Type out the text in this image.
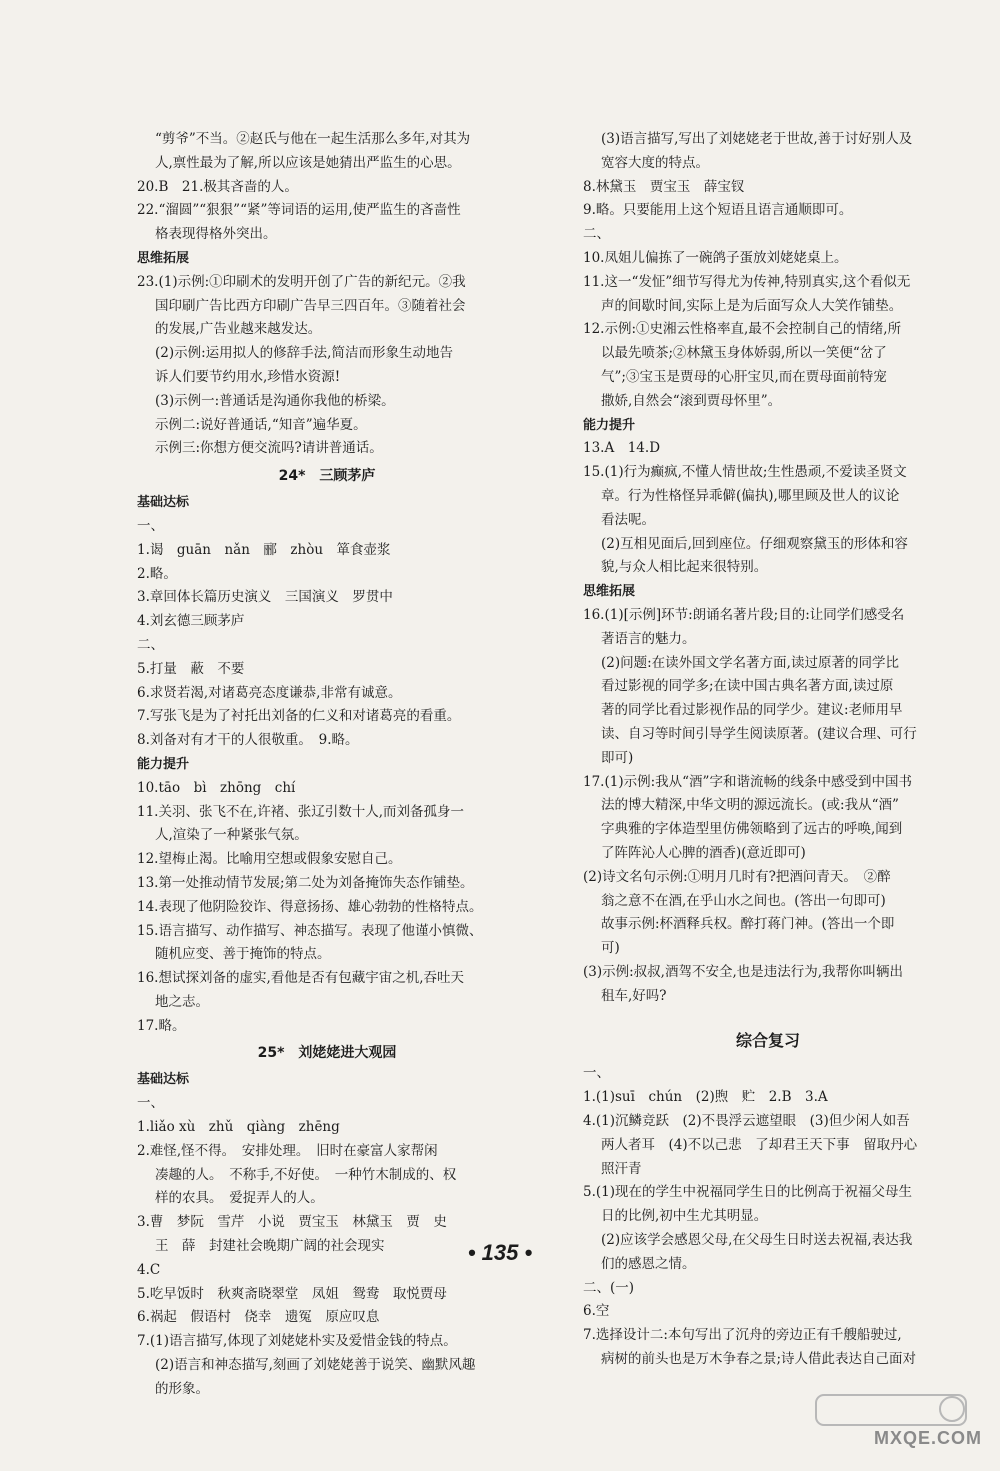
“剪爷”不当。②赵氏与他在一起生活那么多年,对其为
人,禀性最为了解,所以应该是她猜出严监生的心思。
20.B　21.极其吝啬的人。
22.“溜圆”“狠狠”“紧”等词语的运用,使严监生的吝啬性
格表现得格外突出。
思维拓展
23.(1)示例:①印刷术的发明开创了广告的新纪元。②我
国印刷广告比西方印刷广告早三四百年。③随着社会
的发展,广告业越来越发达。
(2)示例:运用拟人的修辞手法,简洁而形象生动地告
诉人们要节约用水,珍惜水资源!
(3)示例一:普通话是沟通你我他的桥梁。
示例二:说好普通话,“知音”遍华夏。
示例三:你想方便交流吗?请讲普通话。
24*　三顾茅庐
基础达标
一、
1.谒　guān　nǎn　郦　zhòu　箪食壶浆
2.略。
3.章回体长篇历史演义　三国演义　罗贯中
4.刘玄德三顾茅庐
二、
5.打量　蔽　不要
6.求贤若渴,对诸葛亮态度谦恭,非常有诚意。
7.写张飞是为了衬托出刘备的仁义和对诸葛亮的看重。
8.刘备对有才干的人很敬重。　9.略。
能力提升
10.tāo　bì　zhōng　chí
11.关羽、张飞不在,许褚、张辽引数十人,而刘备孤身一
人,渲染了一种紧张气氛。
12.望梅止渴。比喻用空想或假象安慰自己。
13.第一处推动情节发展;第二处为刘备掩饰失态作铺垫。
14.表现了他阴险狡诈、得意扬扬、雄心勃勃的性格特点。
15.语言描写、动作描写、神态描写。表现了他谨小慎微、
随机应变、善于掩饰的特点。
16.想试探刘备的虚实,看他是否有包藏宇宙之机,吞吐天
地之志。
17.略。
25*　刘姥姥进大观园
基础达标
一、
1.liǎo xù　zhǔ　qiàng　zhēng
2.难怪,怪不得。　安排处理。　旧时在豪富人家帮闲
凑趣的人。　不称手,不好使。　一种竹木制成的、权
样的农具。　爱捉弄人的人。
3.曹　梦阮　雪芹　小说　贾宝玉　林黛玉　贾　史
王　薛　封建社会晚期广阔的社会现实
4.C
5.吃早饭时　秋爽斋晓翠堂　凤姐　鸳鸯　取悦贾母
6.祸起　假语村　侥幸　遗冤　原应叹息
7.(1)语言描写,体现了刘姥姥朴实及爱惜金钱的特点。
(2)语言和神态描写,刻画了刘姥姥善于说笑、幽默风趣
的形象。
(3)语言描写,写出了刘姥姥老于世故,善于讨好别人及
宽容大度的特点。
8.林黛玉　贾宝玉　薛宝钗
9.略。只要能用上这个短语且语言通顺即可。
二、
10.凤姐儿偏拣了一碗鸽子蛋放刘姥姥桌上。
11.这一“发怔”细节写得尤为传神,特别真实,这个看似无
声的间歇时间,实际上是为后面写众人大笑作铺垫。
12.示例:①史湘云性格率直,最不会控制自己的情绪,所
以最先喷茶;②林黛玉身体娇弱,所以一笑便“岔了
气”;③宝玉是贾母的心肝宝贝,而在贾母面前特宠
撒娇,自然会“滚到贾母怀里”。
能力提升
13.A　14.D
15.(1)行为癫疯,不懂人情世故;生性愚顽,不爱读圣贤文
章。行为性格怪异乖僻(偏执),哪里顾及世人的议论
看法呢。
(2)互相见面后,回到座位。仔细观察黛玉的形体和容
貌,与众人相比起来很特别。
思维拓展
16.(1)[示例]环节:朗诵名著片段;目的:让同学们感受名
著语言的魅力。
(2)问题:在读外国文学名著方面,读过原著的同学比
看过影视的同学多;在读中国古典名著方面,读过原
著的同学比看过影视作品的同学少。建议:老师用早
读、自习等时间引导学生阅读原著。(建议合理、可行
即可)
17.(1)示例:我从“酒”字和谐流畅的线条中感受到中国书
法的博大精深,中华文明的源远流长。(或:我从“酒”
字典雅的字体造型里仿佛领略到了远古的呼唤,闻到
了阵阵沁人心脾的酒香)(意近即可)
(2)诗文名句示例:①明月几时有?把酒问青天。　②醉
翁之意不在酒,在乎山水之间也。(答出一句即可)
故事示例:杯酒释兵权。醉打蒋门神。(答出一个即
可)
(3)示例:叔叔,酒驾不安全,也是违法行为,我帮你叫辆出
租车,好吗?
综合复习
一、
1.(1)suī　chún　(2)煦　贮　2.B　3.A
4.(1)沉鳞竞跃　(2)不畏浮云遮望眼　(3)但少闲人如吾
两人者耳　(4)不以己悲　了却君王天下事　留取丹心
照汗青
5.(1)现在的学生中祝福同学生日的比例高于祝福父母生
日的比例,初中生尤其明显。
(2)应该学会感恩父母,在父母生日时送去祝福,表达我
们的感恩之情。
二、(一)
6.空
7.选择设计二:本句写出了沉舟的旁边正有千艘船驶过,
病树的前头也是万木争春之景;诗人借此表达自己面对
• 135 •
MXQE.COM
